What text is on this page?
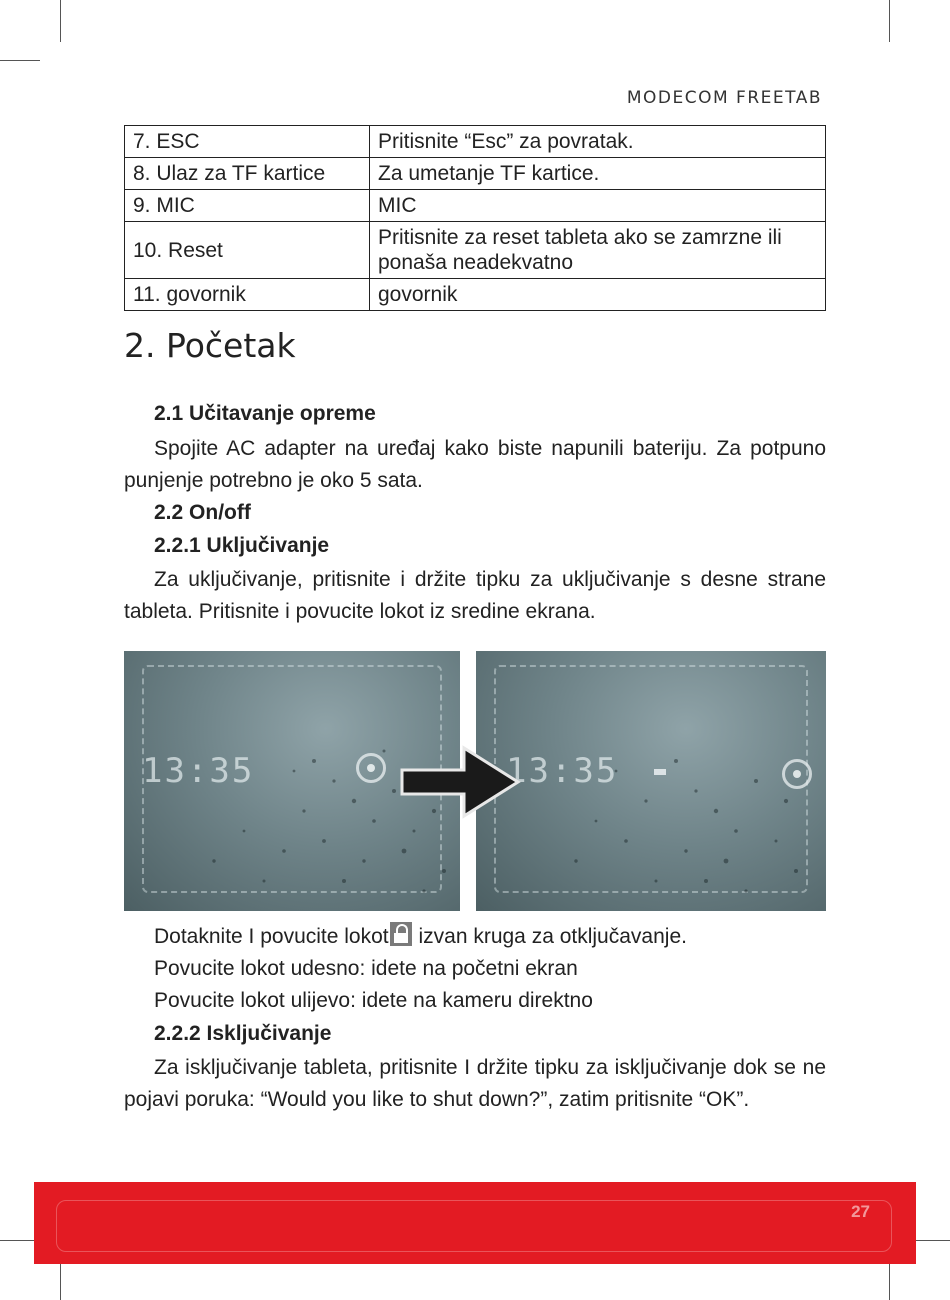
MODECOM FREETAB
7. ESC	Pritisnite “Esc” za povratak.
8. Ulaz za TF kartice	Za umetanje TF kartice.
9. MIC	MIC
10. Reset	Pritisnite za reset tableta ako se zamrzne ili ponaša neadekvatno
11. govornik	govornik
2. Početak
2.1 Učitavanje opreme
Spojite AC adapter na uređaj kako biste napunili bateriju. Za potpuno punjenje potrebno je oko 5 sata.
2.2 On/off
2.2.1 Uključivanje
Za uključivanje, pritisnite i držite tipku za uključivanje s desne strane tableta. Pritisnite i povucite lokot iz sredine ekrana.
13:35	13:35
Dotaknite I povucite lokot izvan kruga za otključavanje.
Povucite lokot udesno: idete na početni ekran
Povucite lokot ulijevo: idete na kameru direktno
2.2.2 Isključivanje
Za isključivanje tableta, pritisnite I držite tipku za isključivanje dok se ne pojavi poruka: “Would you like to shut down?”, zatim pritisnite “OK”.
27
